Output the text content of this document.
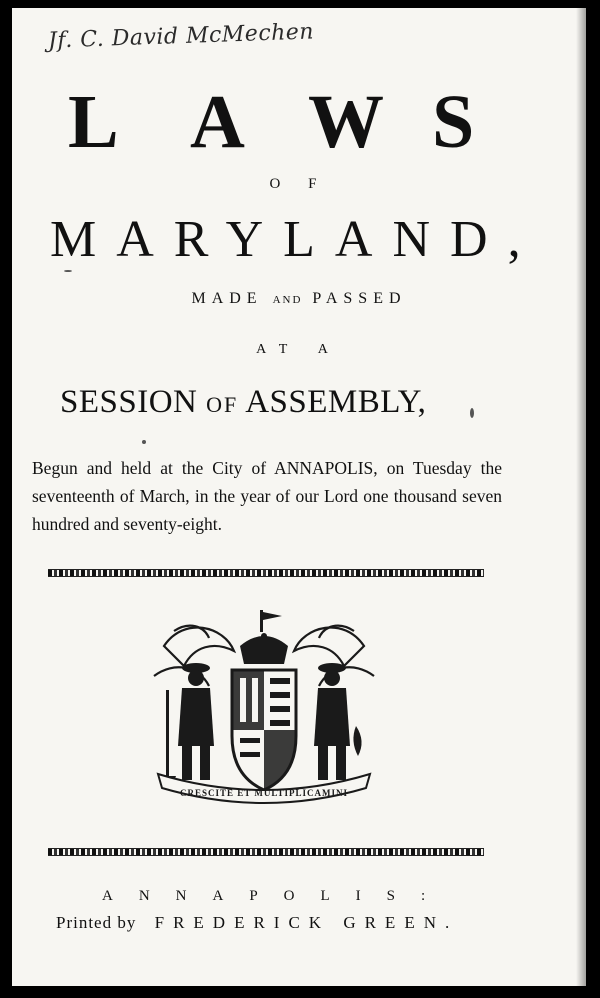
Jf. C. David McMechen
L A W S
O F
MARYLAND,
MADE AND PASSED
AT A
SESSION OF ASSEMBLY,
Begun and held at the City of ANNAPOLIS, on Tuesday the seventeenth of March, in the year of our Lord one thousand seven hundred and seventy-eight.
CRESCITE ET MULTIPLICAMINI
ANNAPOLIS:
Printed by FREDERICK GREEN.
